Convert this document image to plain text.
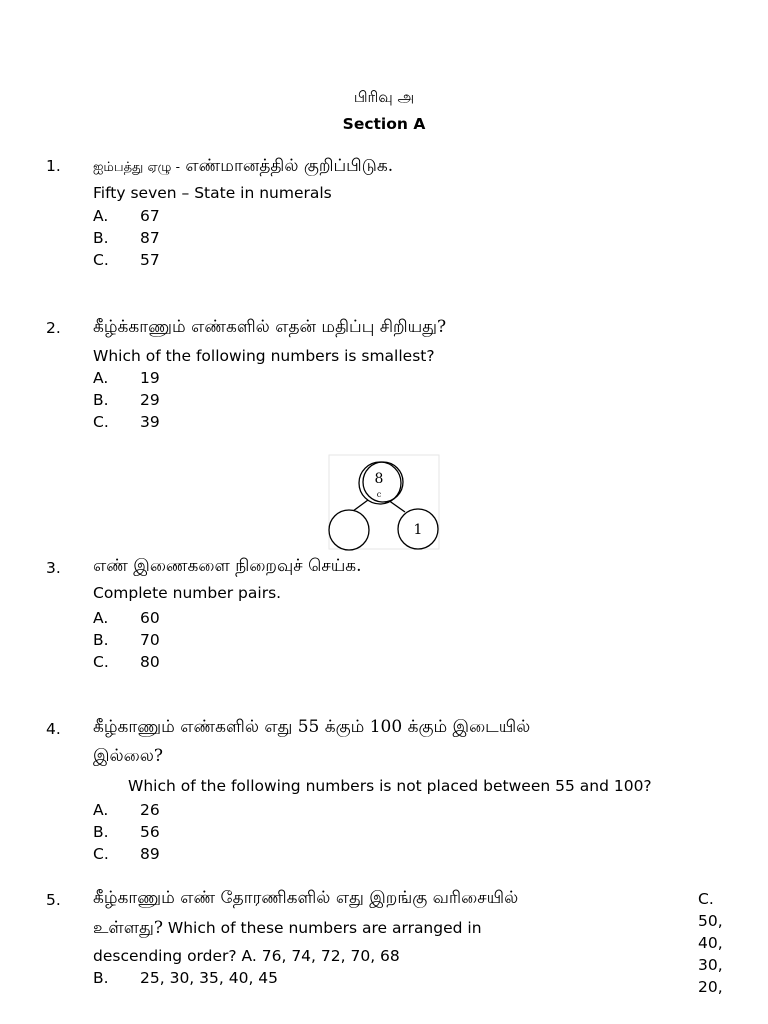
பிரிவு அ
Section A
1. ஐம்பத்து ஏழு - எண்மானத்தில் குறிப்பிடுக.
Fifty seven – State in numerals
A. 67
B. 87
C. 57
2. கீழ்க்காணும் எண்களில் எதன் மதிப்பு சிறியது?
Which of the following numbers is smallest?
A. 19
B. 29
C. 39
8
c
1
3. எண் இணைகளை நிறைவுச் செய்க.
Complete number pairs.
A. 60
B. 70
C. 80
4. கீழ்காணும் எண்களில் எது 55 க்கும் 100 க்கும் இடையில்
இல்லை?
Which of the following numbers is not placed between 55 and 100?
A. 26
B. 56
C. 89
5. கீழ்காணும் எண் தோரணிகளில் எது இறங்கு வரிசையில்
உள்ளது? Which of these numbers are arranged in
descending order? A. 76, 74, 72, 70, 68
B. 25, 30, 35, 40, 45
C.
50,
40,
30,
20,
